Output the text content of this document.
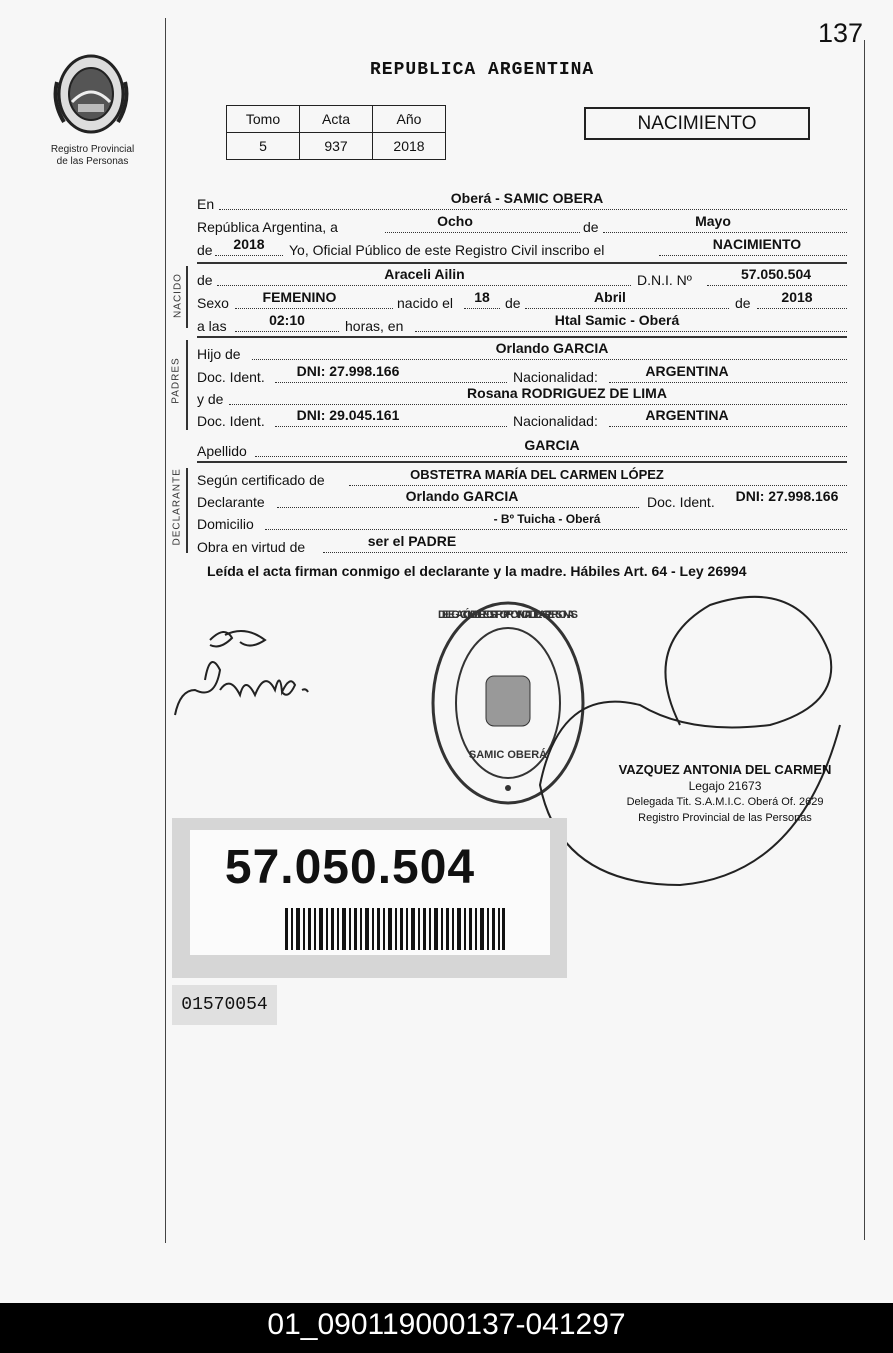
137
Registro Provincial
de las Personas
REPUBLICA ARGENTINA
Tomo	Acta	Año
5	937	2018
NACIMIENTO
En	Oberá - SAMIC OBERA
República Argentina, a	Ocho	de	Mayo
de	2018	Yo, Oficial Público de este Registro Civil inscribo el	NACIMIENTO
NACIDO de	Araceli Ailin	D.N.I. Nº	57.050.504
Sexo	FEMENINO	nacido el	18	de	Abril	de	2018
a las	02:10	horas, en	Htal Samic - Oberá
PADRES
Hijo de	Orlando GARCIA
Doc. Ident.	DNI: 27.998.166	Nacionalidad:	ARGENTINA
y de	Rosana RODRIGUEZ DE LIMA
Doc. Ident.	DNI: 29.045.161	Nacionalidad:	ARGENTINA
Apellido	GARCIA
DECLARANTE Según certificado de	OBSTETRA MARÍA DEL CARMEN LÓPEZ
Declarante	Orlando GARCIA	Doc. Ident.	DNI: 27.998.166
Domicilio	- Bº Tuicha - Oberá
Obra en virtud de	ser el PADRE
Leída el acta firman conmigo el declarante y la madre. Hábiles Art. 64 - Ley 26994
DELEGACIÓN DEL REGISTRO PROVINCIAL DE LAS PERSONAS
SAMIC OBERÁ
VAZQUEZ ANTONIA DEL CARMEN
Legajo 21673
Delegada Tit. S.A.M.I.C. Oberá Of. 2629
Registro Provincial de las Personas
57.050.504
01570054
01_090119000137-041297
